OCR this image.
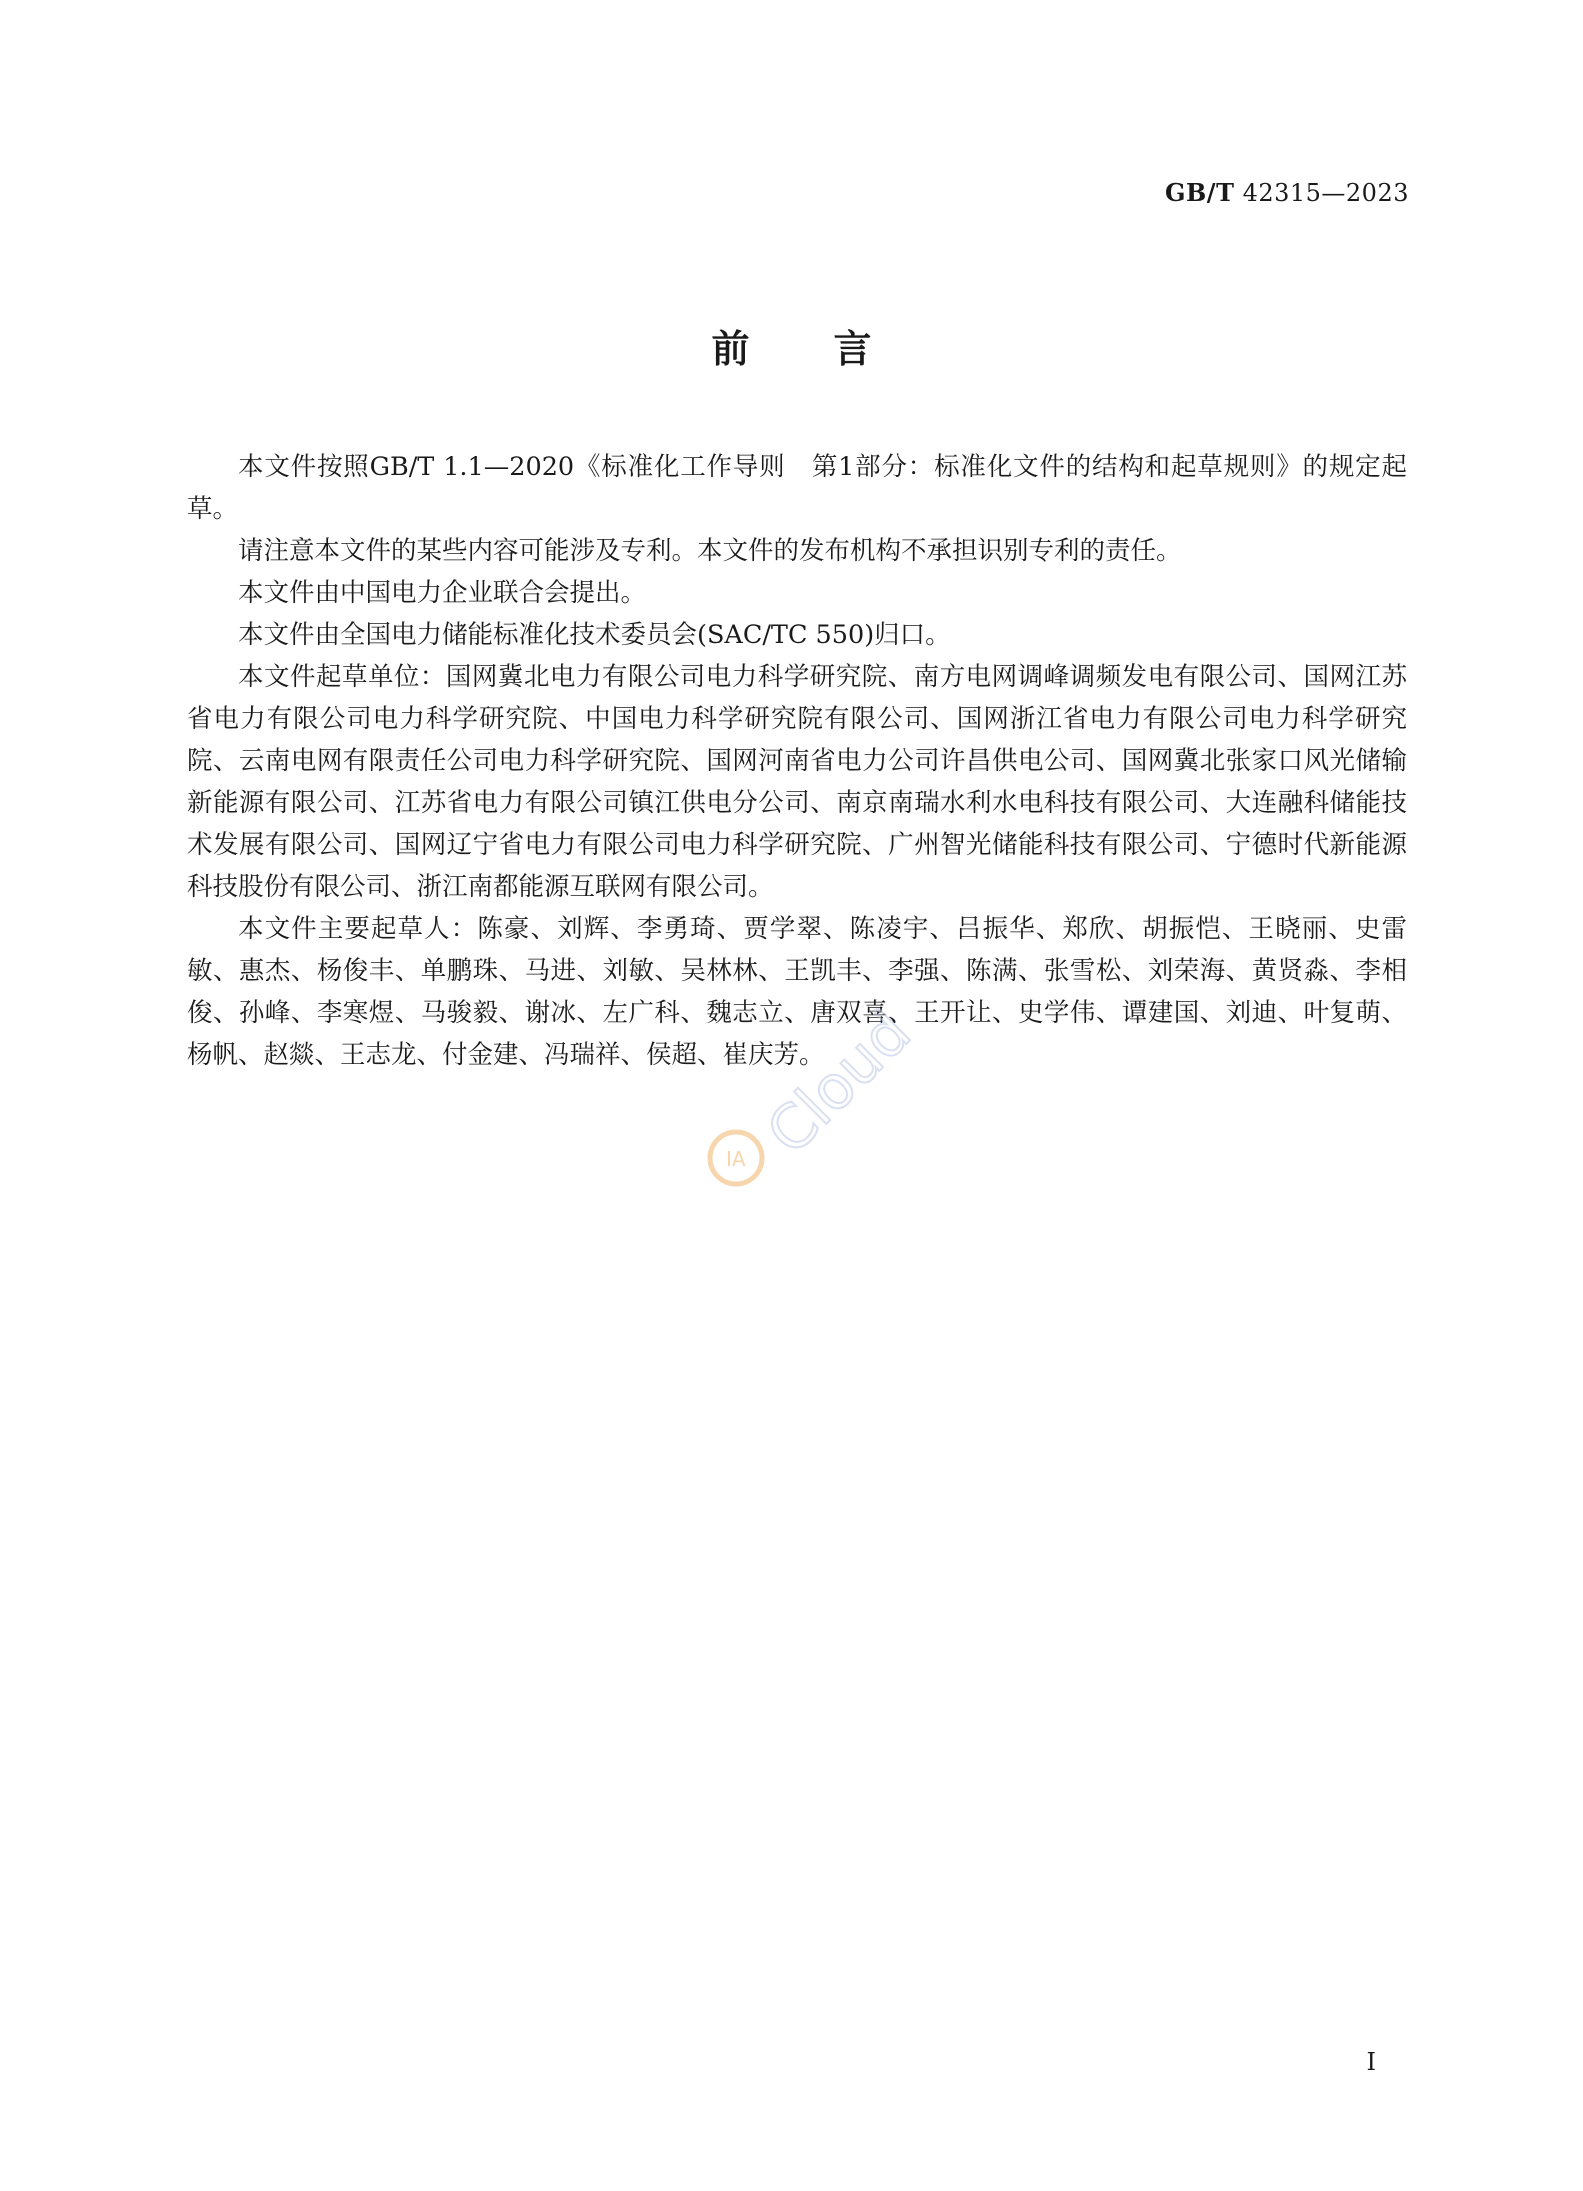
GB/T 42315—2023
前言

本文件按照GB/T 1.1—2020《标准化工作导则　第1部分：标准化文件的结构和起草规则》的规定起草。

请注意本文件的某些内容可能涉及专利。本文件的发布机构不承担识别专利的责任。

本文件由中国电力企业联合会提出。

本文件由全国电力储能标准化技术委员会(SAC/TC 550)归口。

本文件起草单位：国网冀北电力有限公司电力科学研究院、南方电网调峰调频发电有限公司、国网江苏省电力有限公司电力科学研究院、中国电力科学研究院有限公司、国网浙江省电力有限公司电力科学研究院、云南电网有限责任公司电力科学研究院、国网河南省电力公司许昌供电公司、国网冀北张家口风光储输新能源有限公司、江苏省电力有限公司镇江供电分公司、南京南瑞水利水电科技有限公司、大连融科储能技术发展有限公司、国网辽宁省电力有限公司电力科学研究院、广州智光储能科技有限公司、宁德时代新能源科技股份有限公司、浙江南都能源互联网有限公司。

本文件主要起草人：陈豪、刘辉、李勇琦、贾学翠、陈凌宇、吕振华、郑欣、胡振恺、王晓丽、史雷敏、惠杰、杨俊丰、单鹏珠、马进、刘敏、吴林林、王凯丰、李强、陈满、张雪松、刘荣海、黄贤淼、李相俊、孙峰、李寒煜、马骏毅、谢冰、左广科、魏志立、唐双喜、王开让、史学伟、谭建国、刘迪、叶复萌、杨帆、赵燚、王志龙、付金建、冯瑞祥、侯超、崔庆芳。

IA Cloud
I
